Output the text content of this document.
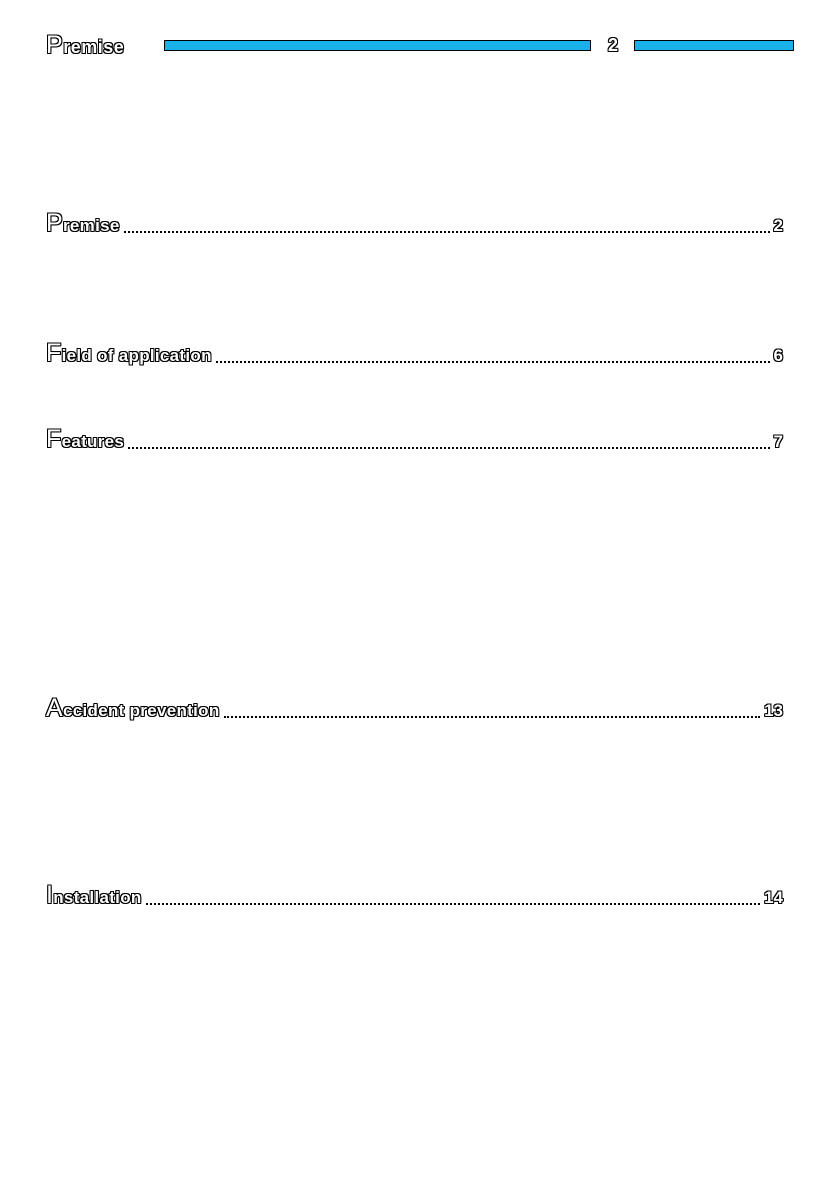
Premise	2
Premise	2
Field of application	6
Features	7
Accident prevention	13
Installation	14
